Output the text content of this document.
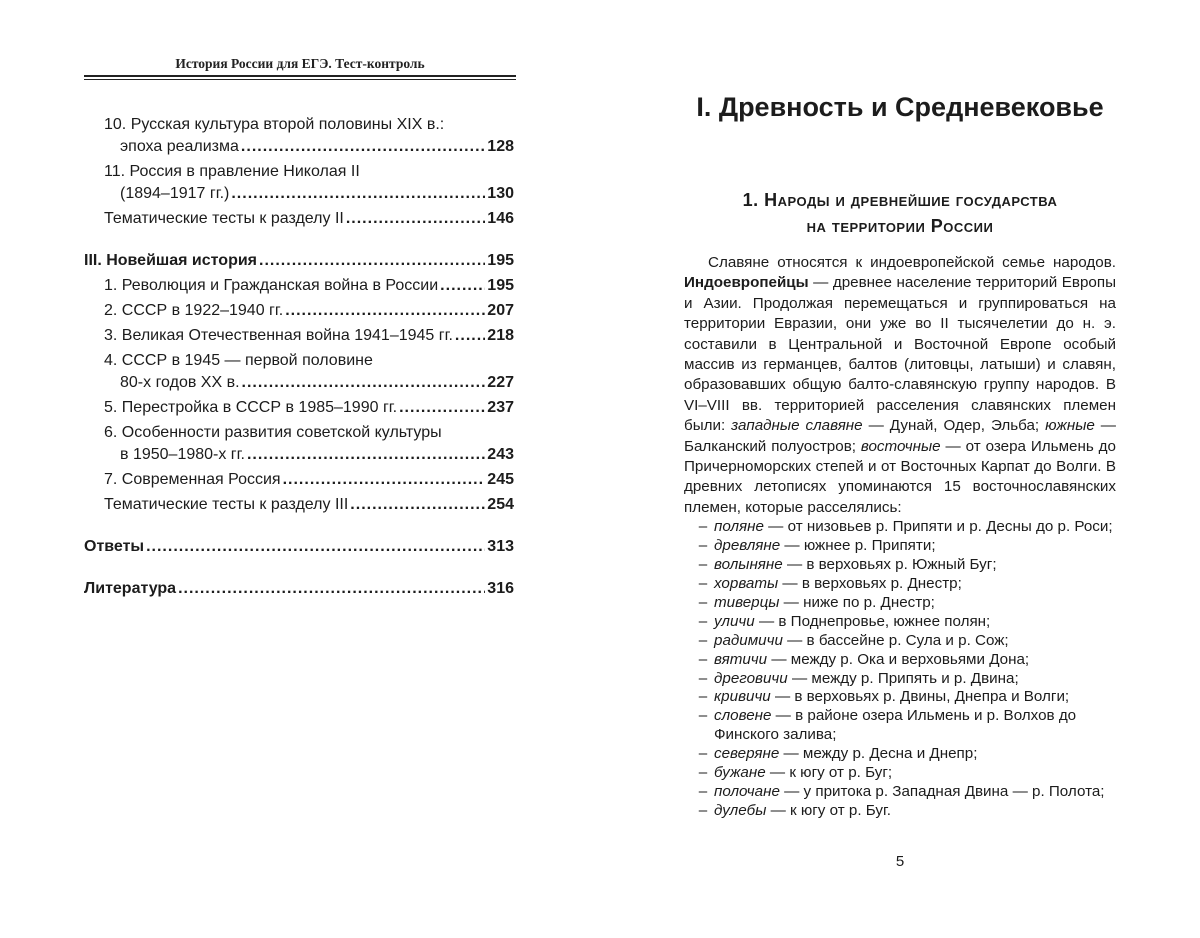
История России для ЕГЭ. Тест-контроль
10. Русская культура второй половины XIX в.:
эпоха реализма .....	128
11. Россия в правление Николая II
(1894–1917 гг.) .....	130
Тематические тесты к разделу II .....	146
III. Новейшая история .....	195
1. Революция и Гражданская война в России .....	195
2. СССР в 1922–1940 гг. .....	207
3. Великая Отечественная война 1941–1945 гг. ..... 218
4. СССР в 1945 — первой половине
80-х годов XX в. .....	227
5. Перестройка в СССР в 1985–1990 гг. .....	237
6. Особенности развития советской культуры
в 1950–1980-х гг. .....	243
7. Современная Россия .....	245
Тематические тесты к разделу III .....	254
Ответы .....	313
Литература .....	316
I. Древность и Средневековье
1. Народы и древнейшие государства
на территории России

Славяне относятся к индоевропейской семье народов. Индоевропейцы — древнее население территорий Европы и Азии. Продолжая перемещаться и группироваться на территории Евразии, они уже во II тысячелетии до н. э. составили в Центральной и Восточной Европе особый массив из германцев, балтов (литовцы, латыши) и славян, образовавших общую балто-славянскую группу народов. В VI–VIII вв. территорией расселения славянских племен были: западные славяне — Дунай, Одер, Эльба; южные — Балканский полуостров; восточные — от озера Ильмень до Причерноморских степей и от Восточных Карпат до Волги. В древних летописях упоминаются 15 восточнославянских племен, которые расселялись:

– поляне — от низовьев р. Припяти и р. Десны до р. Роси;
– древляне — южнее р. Припяти;
– волыняне — в верховьях р. Южный Буг;
– хорваты — в верховьях р. Днестр;
– тиверцы — ниже по р. Днестр;
– уличи — в Поднепровье, южнее полян;
– радимичи — в бассейне р. Сула и р. Сож;
– вятичи — между р. Ока и верховьями Дона;
– дреговичи — между р. Припять и р. Двина;
– кривичи — в верховьях р. Двины, Днепра и Волги;
– словене — в районе озера Ильмень и р. Волхов до Финского залива;
– северяне — между р. Десна и Днепр;
– бужане — к югу от р. Буг;
– полочане — у притока р. Западная Двина — р. Полота;
– дулебы — к югу от р. Буг.
5
